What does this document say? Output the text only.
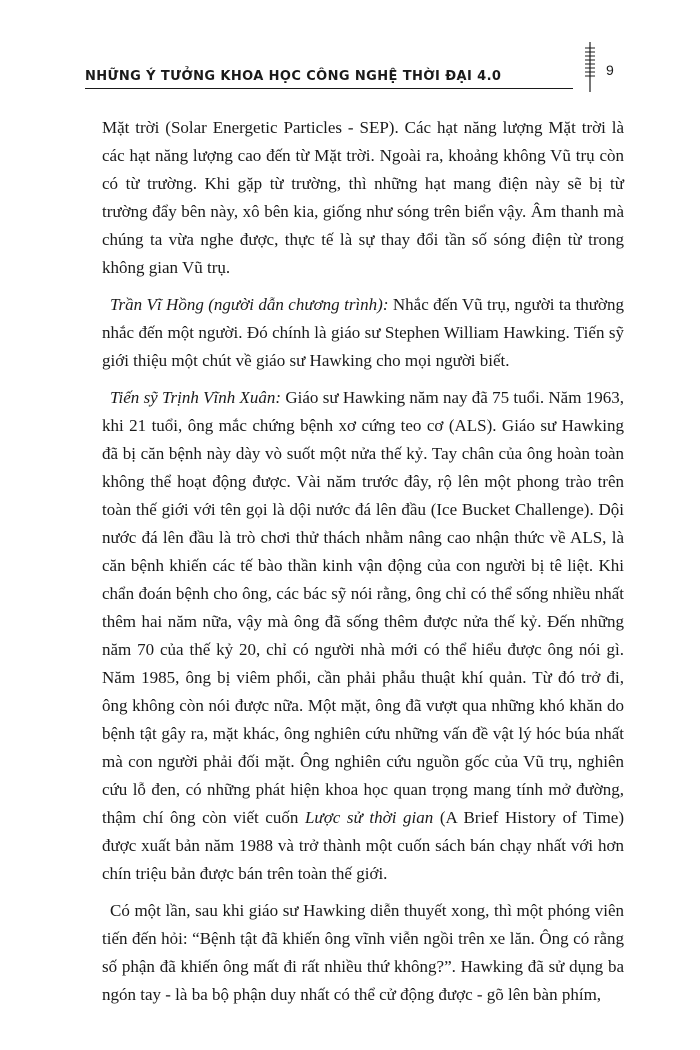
NHỮNG Ý TƯỞNG KHOA HỌC CÔNG NGHỆ THỜI ĐẠI 4.0	9

Mặt trời (Solar Energetic Particles - SEP). Các hạt năng lượng Mặt trời là các hạt năng lượng cao đến từ Mặt trời. Ngoài ra, khoảng không Vũ trụ còn có từ trường. Khi gặp từ trường, thì những hạt mang điện này sẽ bị từ trường đẩy bên này, xô bên kia, giống như sóng trên biển vậy. Âm thanh mà chúng ta vừa nghe được, thực tế là sự thay đổi tần số sóng điện từ trong không gian Vũ trụ.

Trần Vĩ Hồng (người dẫn chương trình): Nhắc đến Vũ trụ, người ta thường nhắc đến một người. Đó chính là giáo sư Stephen William Hawking. Tiến sỹ giới thiệu một chút về giáo sư Hawking cho mọi người biết.

Tiến sỹ Trịnh Vĩnh Xuân: Giáo sư Hawking năm nay đã 75 tuổi. Năm 1963, khi 21 tuổi, ông mắc chứng bệnh xơ cứng teo cơ (ALS). Giáo sư Hawking đã bị căn bệnh này dày vò suốt một nửa thế kỷ. Tay chân của ông hoàn toàn không thể hoạt động được. Vài năm trước đây, rộ lên một phong trào trên toàn thế giới với tên gọi là dội nước đá lên đầu (Ice Bucket Challenge). Dội nước đá lên đầu là trò chơi thử thách nhằm nâng cao nhận thức về ALS, là căn bệnh khiến các tế bào thần kinh vận động của con người bị tê liệt. Khi chẩn đoán bệnh cho ông, các bác sỹ nói rằng, ông chỉ có thể sống nhiều nhất thêm hai năm nữa, vậy mà ông đã sống thêm được nửa thế kỷ. Đến những năm 70 của thế kỷ 20, chỉ có người nhà mới có thể hiểu được ông nói gì. Năm 1985, ông bị viêm phổi, cần phải phẫu thuật khí quản. Từ đó trở đi, ông không còn nói được nữa. Một mặt, ông đã vượt qua những khó khăn do bệnh tật gây ra, mặt khác, ông nghiên cứu những vấn đề vật lý hóc búa nhất mà con người phải đối mặt. Ông nghiên cứu nguồn gốc của Vũ trụ, nghiên cứu lỗ đen, có những phát hiện khoa học quan trọng mang tính mở đường, thậm chí ông còn viết cuốn Lược sử thời gian (A Brief History of Time) được xuất bản năm 1988 và trở thành một cuốn sách bán chạy nhất với hơn chín triệu bản được bán trên toàn thế giới.

Có một lần, sau khi giáo sư Hawking diễn thuyết xong, thì một phóng viên tiến đến hỏi: “Bệnh tật đã khiến ông vĩnh viễn ngồi trên xe lăn. Ông có rằng số phận đã khiến ông mất đi rất nhiều thứ không?”. Hawking đã sử dụng ba ngón tay - là ba bộ phận duy nhất có thể cử động được - gõ lên bàn phím,
